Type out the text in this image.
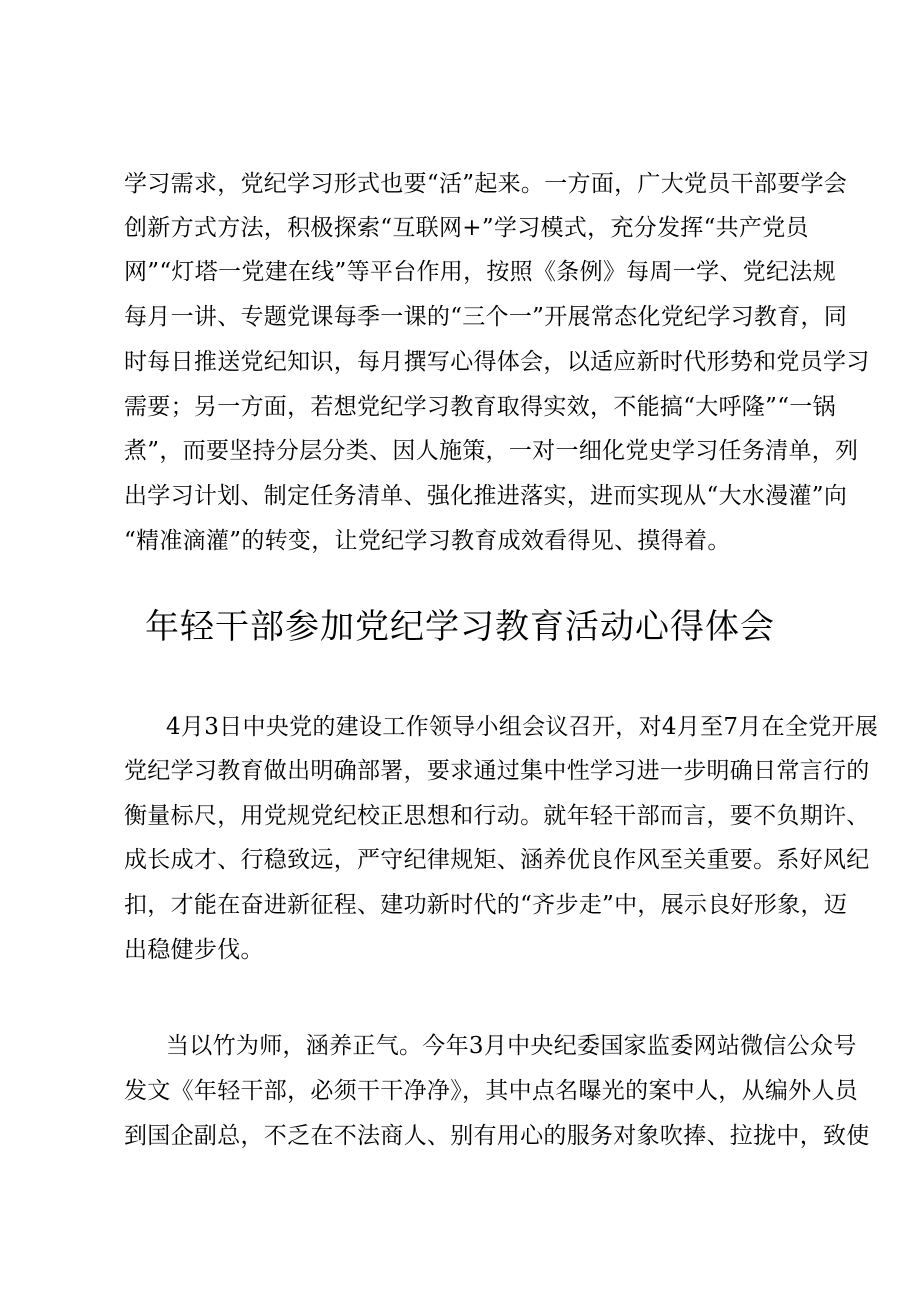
学习需求，党纪学习形式也要“活”起来。一方面，广大党员干部要学会
创新方式方法，积极探索“互联网+”学习模式，充分发挥“共产党员
网”“灯塔一党建在线”等平台作用，按照《条例》每周一学、党纪法规
每月一讲、专题党课每季一课的“三个一”开展常态化党纪学习教育，同
时每日推送党纪知识，每月撰写心得体会，以适应新时代形势和党员学习
需要；另一方面，若想党纪学习教育取得实效，不能搞“大呼隆”“一锅
煮”，而要坚持分层分类、因人施策，一对一细化党史学习任务清单，列
出学习计划、制定任务清单、强化推进落实，进而实现从“大水漫灌”向
“精准滴灌”的转变，让党纪学习教育成效看得见、摸得着。
年轻干部参加党纪学习教育活动心得体会
4月3日中央党的建设工作领导小组会议召开，对4月至7月在全党开展
党纪学习教育做出明确部署，要求通过集中性学习进一步明确日常言行的
衡量标尺，用党规党纪校正思想和行动。就年轻干部而言，要不负期许、
成长成才、行稳致远，严守纪律规矩、涵养优良作风至关重要。系好风纪
扣，才能在奋进新征程、建功新时代的“齐步走”中，展示良好形象，迈
出稳健步伐。
当以竹为师，涵养正气。今年3月中央纪委国家监委网站微信公众号
发文《年轻干部，必须干干净净》，其中点名曝光的案中人，从编外人员
到国企副总，不乏在不法商人、别有用心的服务对象吹捧、拉拢中，致使
